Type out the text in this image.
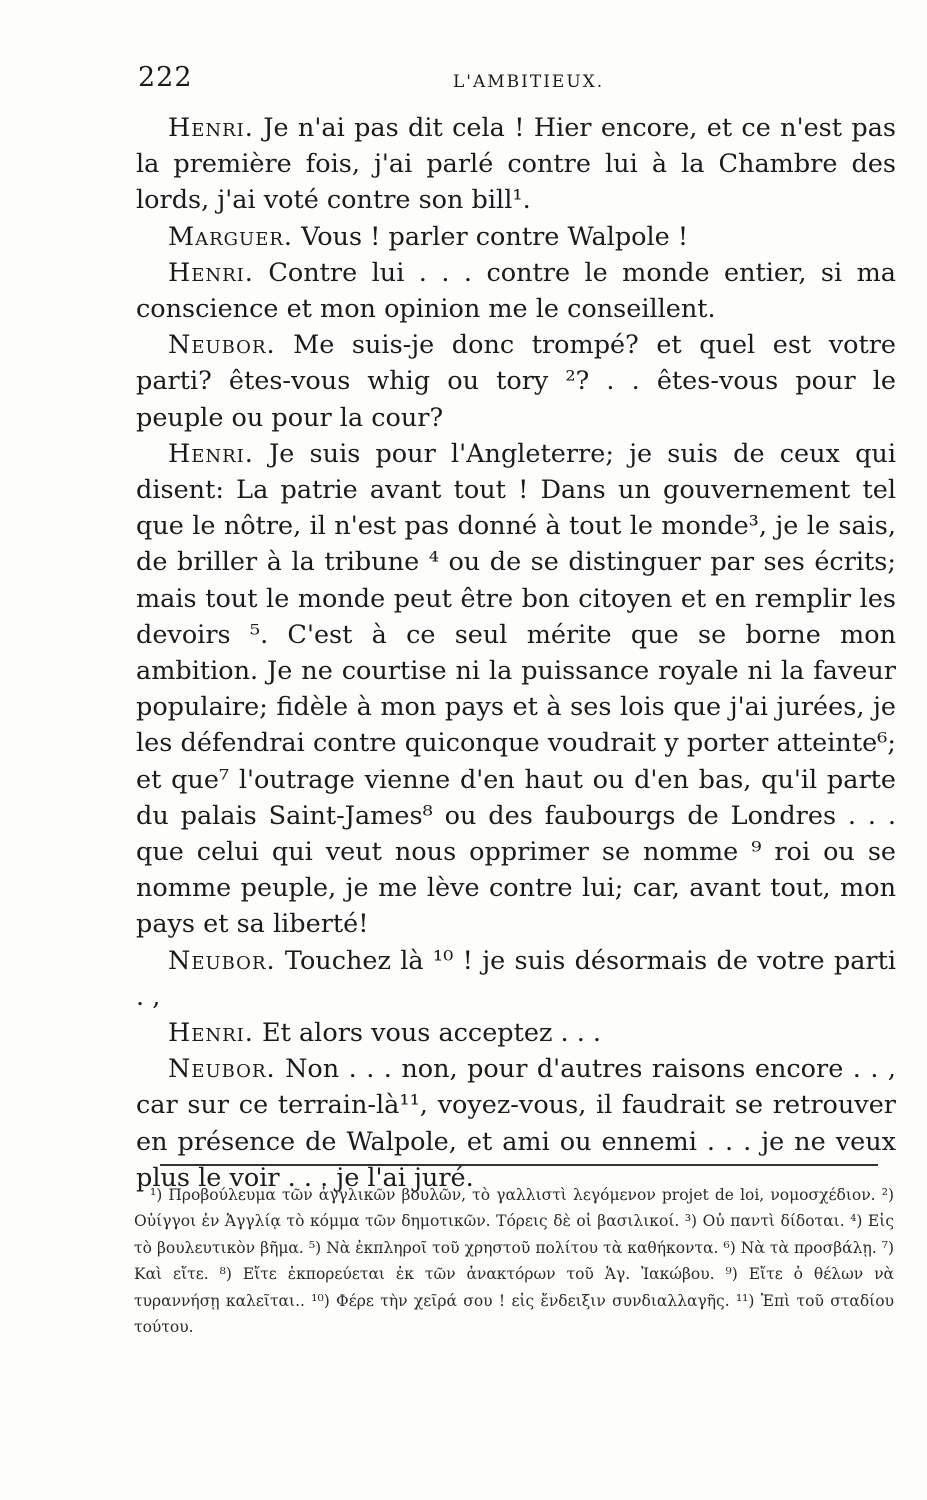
222	L'AMBITIEUX.

Henri. Je n'ai pas dit cela ! Hier encore, et ce n'est pas la première fois, j'ai parlé contre lui à la Chambre des lords, j'ai voté contre son bill¹.

Marguer. Vous ! parler contre Walpole !

Henri. Contre lui . . . contre le monde entier, si ma conscience et mon opinion me le conseillent.

Neubor. Me suis-je donc trompé? et quel est votre parti? êtes-vous whig ou tory ²? . . êtes-vous pour le peuple ou pour la cour?

Henri. Je suis pour l'Angleterre; je suis de ceux qui disent: La patrie avant tout ! Dans un gouvernement tel que le nôtre, il n'est pas donné à tout le monde³, je le sais, de briller à la tribune ⁴ ou de se distinguer par ses écrits; mais tout le monde peut être bon citoyen et en remplir les devoirs ⁵. C'est à ce seul mérite que se borne mon ambition. Je ne courtise ni la puissance royale ni la faveur populaire; fidèle à mon pays et à ses lois que j'ai jurées, je les défendrai contre quiconque voudrait y porter atteinte⁶; et que⁷ l'outrage vienne d'en haut ou d'en bas, qu'il parte du palais Saint-James⁸ ou des faubourgs de Londres . . . que celui qui veut nous opprimer se nomme ⁹ roi ou se nomme peuple, je me lève contre lui; car, avant tout, mon pays et sa liberté!

Neubor. Touchez là ¹⁰ ! je suis désormais de votre parti . ,

Henri. Et alors vous acceptez . . .

Neubor. Non . . . non, pour d'autres raisons encore . . , car sur ce terrain-là¹¹, voyez-vous, il faudrait se retrouver en présence de Walpole, et ami ou ennemi . . . je ne veux plus le voir . . . je l'ai juré.

¹) Προβούλευμα τῶν ἀγγλικῶν βουλῶν, τὸ γαλλιστὶ λεγόμενον projet de loi, νομοσχέδιον. ²) Οὐίγγοι ἐν Ἀγγλίᾳ τὸ κόμμα τῶν δημοτικῶν. Τόρεις δὲ οἱ βασιλικοί. ³) Οὐ παντὶ δίδοται. ⁴) Εἰς τὸ βουλευτικὸν βῆμα. ⁵) Νὰ ἐκπληροῖ τοῦ χρηστοῦ πολίτου τὰ καθήκοντα. ⁶) Νὰ τὰ προσβάλῃ. ⁷) Καὶ εἴτε. ⁸) Εἴτε ἐκπορεύεται ἐκ τῶν ἀνακτόρων τοῦ Ἁγ. Ἰακώβου. ⁹) Εἴτε ὁ θέλων νὰ τυραννήσῃ καλεῖται.. ¹⁰) Φέρε τὴν χεῖρά σου ! εἰς ἔνδειξιν συνδιαλλαγῆς. ¹¹) Ἐπὶ τοῦ σταδίου τούτου.
